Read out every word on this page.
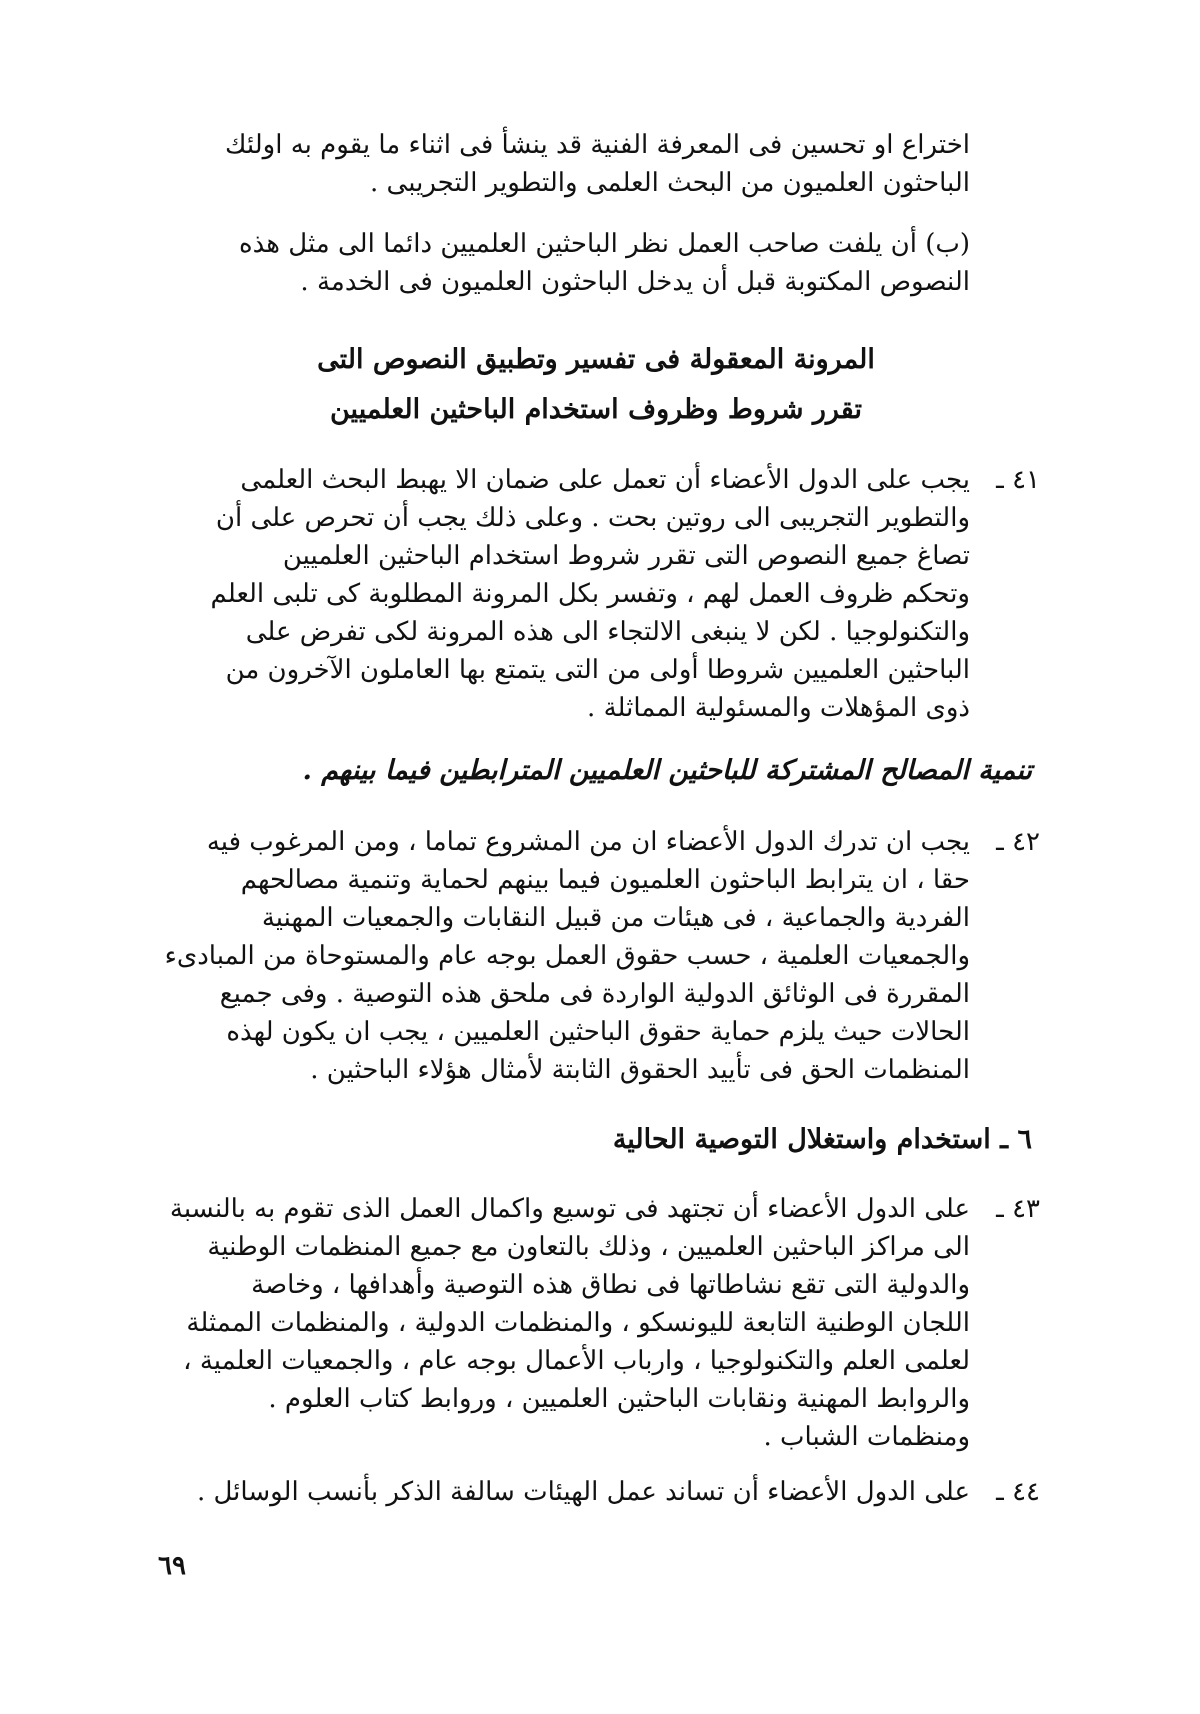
اختراع او تحسين فى المعرفة الفنية قد ينشأ فى اثناء ما يقوم به اولئك
الباحثون العلميون من البحث العلمى والتطوير التجريبى .
(ب) أن يلفت صاحب العمل نظر الباحثين العلميين دائما الى مثل هذه
النصوص المكتوبة قبل أن يدخل الباحثون العلميون فى الخدمة .
المرونة المعقولة فى تفسير وتطبيق النصوص التى
تقرر شروط وظروف استخدام الباحثين العلميين
٤١ ـ
يجب على الدول الأعضاء أن تعمل على ضمان الا يهبط البحث العلمى
والتطوير التجريبى الى روتين بحت . وعلى ذلك يجب أن تحرص على أن
تصاغ جميع النصوص التى تقرر شروط استخدام الباحثين العلميين
وتحكم ظروف العمل لهم ، وتفسر بكل المرونة المطلوبة كى تلبى العلم
والتكنولوجيا . لكن لا ينبغى الالتجاء الى هذه المرونة لكى تفرض على
الباحثين العلميين شروطا أولى من التى يتمتع بها العاملون الآخرون من
ذوى المؤهلات والمسئولية المماثلة .
تنمية المصالح المشتركة للباحثين العلميين المترابطين فيما بينهم .
٤٢ ـ
يجب ان تدرك الدول الأعضاء ان من المشروع تماما ، ومن المرغوب فيه
حقا ، ان يترابط الباحثون العلميون فيما بينهم لحماية وتنمية مصالحهم
الفردية والجماعية ، فى هيئات من قبيل النقابات والجمعيات المهنية
والجمعيات العلمية ، حسب حقوق العمل بوجه عام والمستوحاة من المبادىء
المقررة فى الوثائق الدولية الواردة فى ملحق هذه التوصية . وفى جميع
الحالات حيث يلزم حماية حقوق الباحثين العلميين ، يجب ان يكون لهذه
المنظمات الحق فى تأييد الحقوق الثابتة لأمثال هؤلاء الباحثين .
٦ ـ استخدام واستغلال التوصية الحالية
٤٣ ـ
على الدول الأعضاء أن تجتهد فى توسيع واكمال العمل الذى تقوم به بالنسبة
الى مراكز الباحثين العلميين ، وذلك بالتعاون مع جميع المنظمات الوطنية
والدولية التى تقع نشاطاتها فى نطاق هذه التوصية وأهدافها ، وخاصة
اللجان الوطنية التابعة لليونسكو ، والمنظمات الدولية ، والمنظمات الممثلة
لعلمى العلم والتكنولوجيا ، وارباب الأعمال بوجه عام ، والجمعيات العلمية ،
والروابط المهنية ونقابات الباحثين العلميين ، وروابط كتاب العلوم .
ومنظمات الشباب .
٤٤ ـ
على الدول الأعضاء أن تساند عمل الهيئات سالفة الذكر بأنسب الوسائل .
٦٩
